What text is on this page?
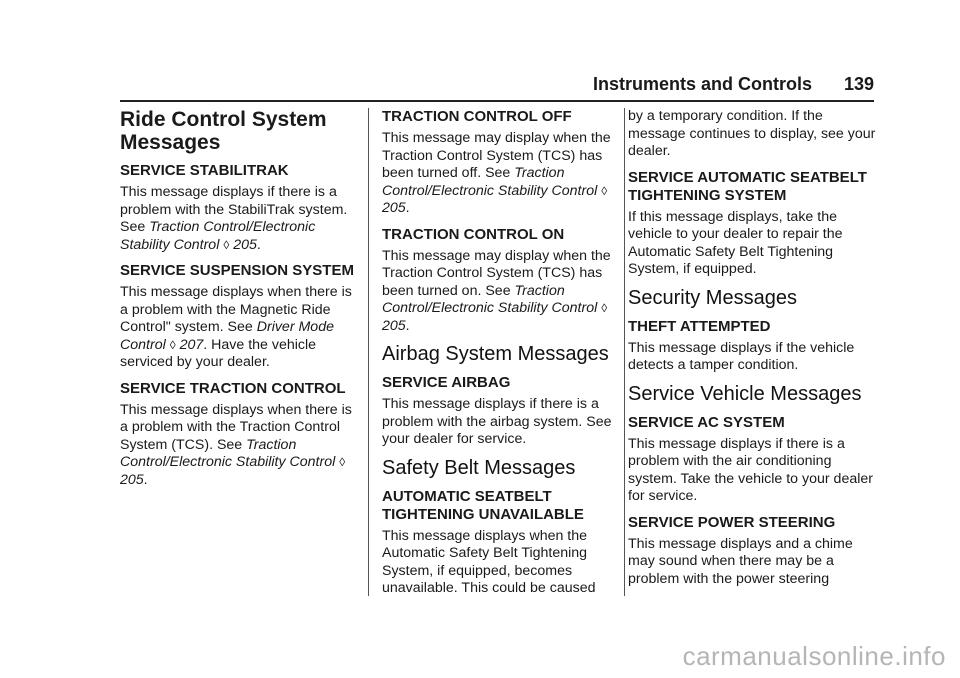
Instruments and Controls 139
Ride Control System Messages
SERVICE STABILITRAK

This message displays if there is a problem with the StabiliTrak system. See Traction Control/Electronic Stability Control ◊ 205.

SERVICE SUSPENSION SYSTEM

This message displays when there is a problem with the Magnetic Ride Control" system. See Driver Mode Control ◊ 207. Have the vehicle serviced by your dealer.

SERVICE TRACTION CONTROL

This message displays when there is a problem with the Traction Control System (TCS). See Traction Control/Electronic Stability Control ◊ 205.

TRACTION CONTROL OFF

This message may display when the Traction Control System (TCS) has been turned off. See Traction Control/Electronic Stability Control ◊ 205.

TRACTION CONTROL ON

This message may display when the Traction Control System (TCS) has been turned on. See Traction Control/Electronic Stability Control ◊ 205.

Airbag System Messages
SERVICE AIRBAG

This message displays if there is a problem with the airbag system. See your dealer for service.

Safety Belt Messages
AUTOMATIC SEATBELT TIGHTENING UNAVAILABLE

This message displays when the Automatic Safety Belt Tightening System, if equipped, becomes unavailable. This could be caused

by a temporary condition. If the message continues to display, see your dealer.

SERVICE AUTOMATIC SEATBELT TIGHTENING SYSTEM

If this message displays, take the vehicle to your dealer to repair the Automatic Safety Belt Tightening System, if equipped.

Security Messages
THEFT ATTEMPTED

This message displays if the vehicle detects a tamper condition.

Service Vehicle Messages
SERVICE AC SYSTEM

This message displays if there is a problem with the air conditioning system. Take the vehicle to your dealer for service.

SERVICE POWER STEERING

This message displays and a chime may sound when there may be a problem with the power steering

carmanualsonline.info
